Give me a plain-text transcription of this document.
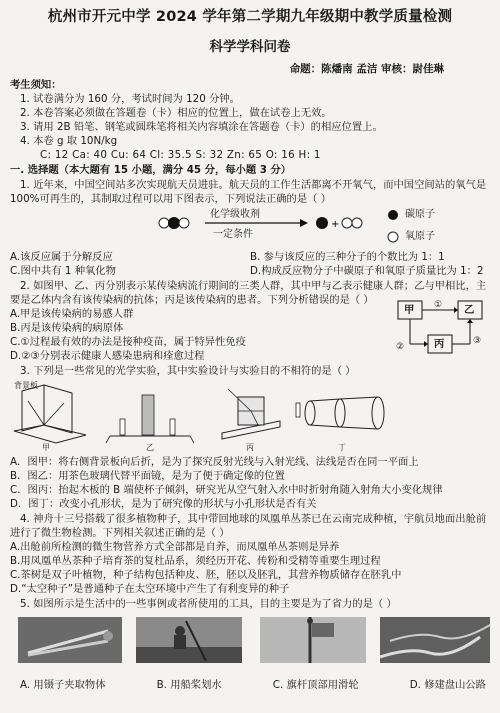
杭州市开元中学 2024 学年第二学期九年级期中教学质量检测
科学学科问卷
命题：陈燔南 孟洁 审核：尉佳琳
考生须知：
1. 试卷满分为 160 分，考试时间为 120 分钟。
2. 本卷答案必须做在答题卷（卡）相应的位置上，做在试卷上无效。
3. 请用 2B 铅笔、钢笔或圆珠笔将相关内容填涂在答题卷（卡）的相应位置上。
4. 本卷 g 取 10N/kg
C: 12 Ca: 40 Cu: 64 Cl: 35.5 S: 32 Zn: 65 O: 16 H: 1
一. 选择题（本大题有 15 小题，满分 45 分，每小题 3 分）
1. 近年来，中国空间站多次实现航天员进驻。航天员的工作生活都离不开氧气，而中国空间站的氧气是 100%可再生的，其制取过程可以用下图表示，下列说法正确的是（ ）
+
化学级收剂
一定条件
碳原子
氧原子
A.该反应属于分解反应	B. 参与该反应的三种分子的个数比为 1：1
C.图中共有 1 种氧化物	D.构成反应物分子中碳原子和氧原子质量比为 1：2
2. 如图甲、乙、丙分别表示某传染病流行期间的三类人群，其中甲与乙表示健康人群；乙与甲相比，主要是乙体内含有该传染病的抗体；丙是该传染病的患者。下列分析错误的是（ ）
A.甲是该传染病的易感人群
B.丙是该传染病的病原体
C.①过程最有效的办法是接种疫苗，属于特异性免疫
D.②③分别表示健康人感染患病和痊愈过程
甲	乙
丙
①
②
③
3. 下列是一些常见的光学实验，其中实验设计与实验目的不相符的是（ ）
背景板
甲	乙	丙	丁
A．图甲：将右侧背景板向后折，是为了探究反射光线与入射光线、法线是否在同一平面上
B．图乙：用茶色玻璃代替平面镜，是为了便于确定像的位置
C．图丙：抬起木板的 B 端使杯子倾斜，研究光从空气射入水中时折射角随入射角大小变化规律
D．图丁：改变小孔形状，是为了研究像的形状与小孔形状是否有关
4. 神舟十三号搭载了很多植物种子，其中带回地球的凤凰单丛茶已在云南完成种植，宇航员地面出舱前进行了微生物检测。下列相关叙述正确的是（ ）
A.出舱前所检测的微生物营养方式全部都是自养，而凤凰单丛茶则是异养
B.用凤凰单丛茶种子培育茶的复杜品系，须经历开花、传粉和受精等重要生理过程
C.茶树是双子叶植物，种子结构包括种皮、胚，胚以及胚乳，其营养物质储存在胚乳中
D.“太空种子”是普通种子在太空环境中产生了有利变异的种子
5. 如图所示是生活中的一些事例或者所使用的工具，目的主要是为了省力的是（ ）
A. 用镊子夹取物体	B. 用船桨划水	C. 旗杆顶部用滑轮	D. 修建盘山公路
